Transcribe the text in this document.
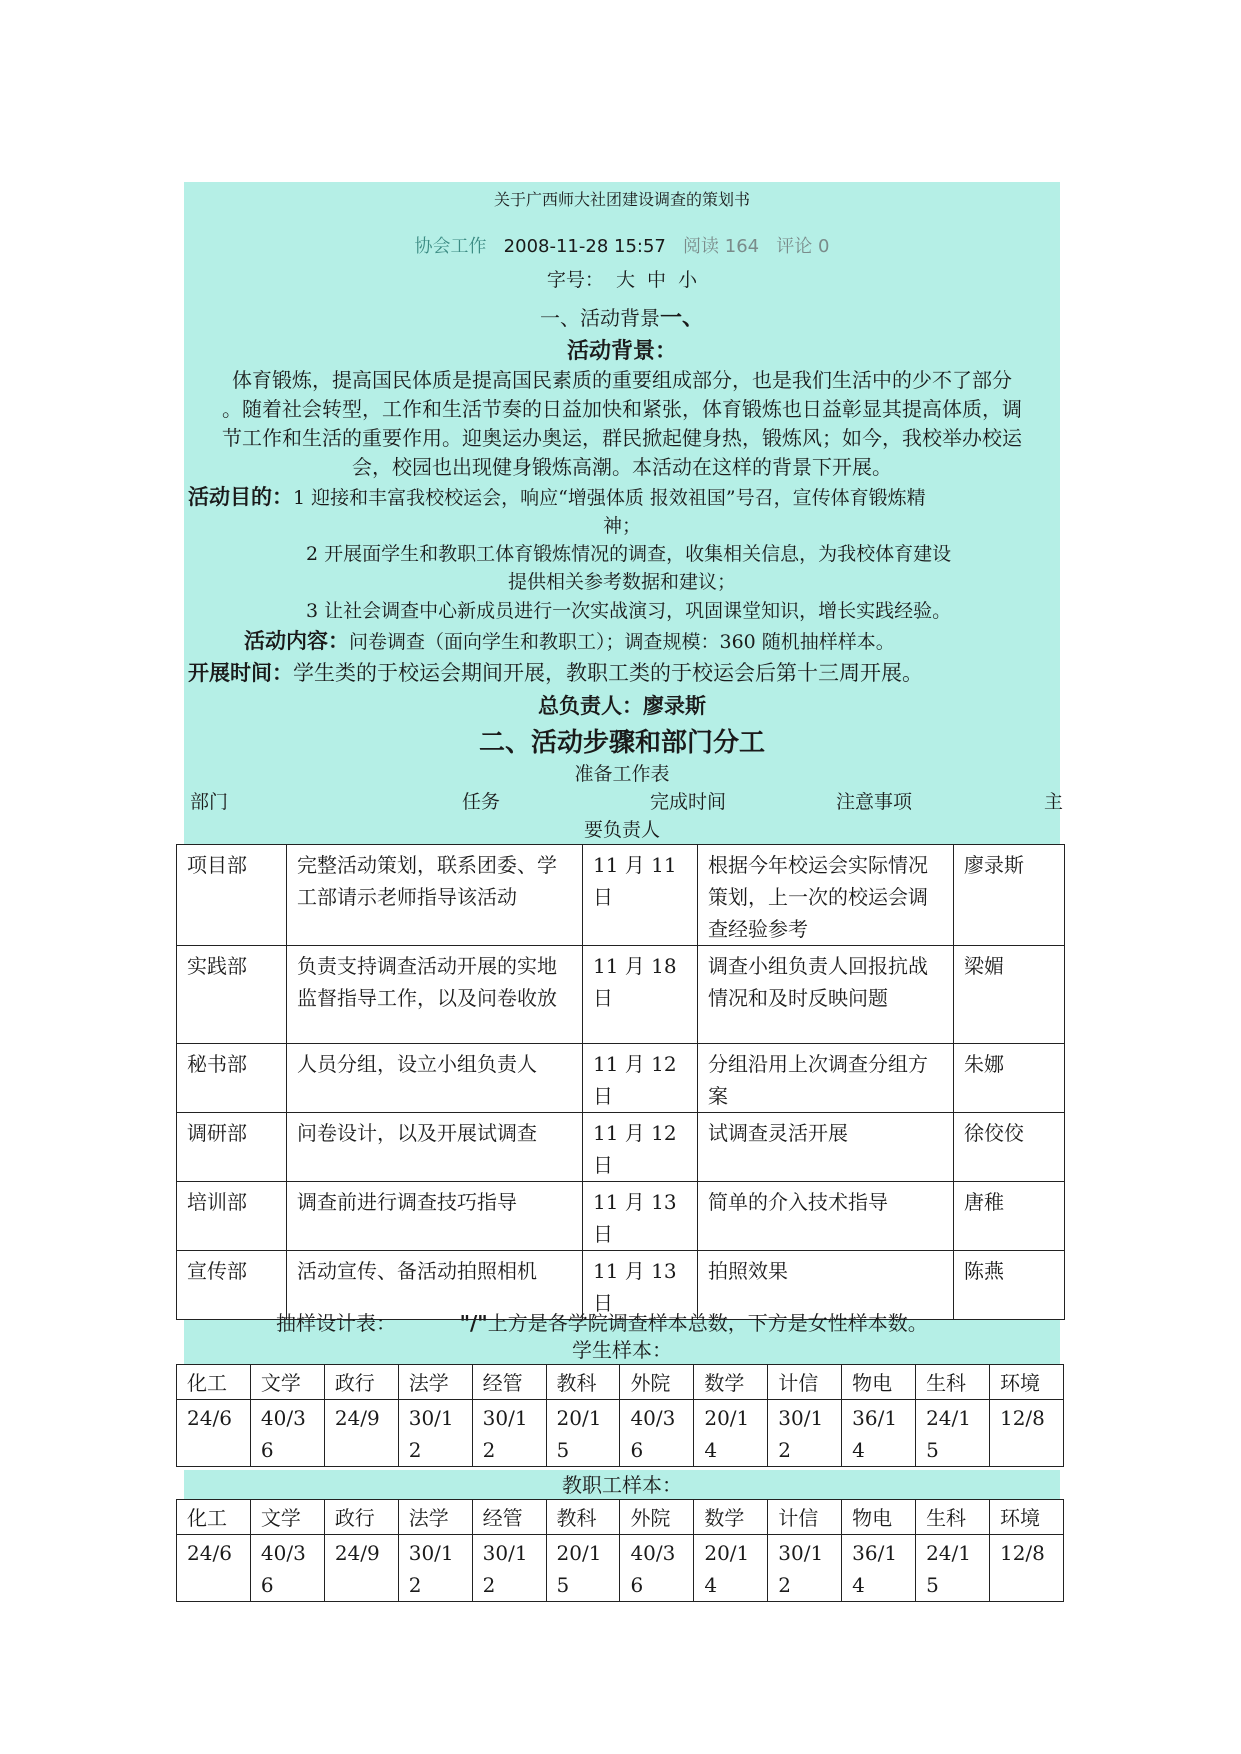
关于广西师大社团建设调查的策划书
协会工作 2008-11-28 15:57 阅读 164 评论 0
字号：  大  中  小
一、活动背景一、
活动背景：
体育锻炼，提高国民体质是提高国民素质的重要组成部分，也是我们生活中的少不了部分
。随着社会转型，工作和生活节奏的日益加快和紧张，体育锻炼也日益彰显其提高体质，调
节工作和生活的重要作用。迎奥运办奥运，群民掀起健身热，锻炼风；如今，我校举办校运
会，校园也出现健身锻炼高潮。本活动在这样的背景下开展。
活动目的：1 迎接和丰富我校校运会，响应“增强体质 报效祖国”号召，宣传体育锻炼精
神；
2 开展面学生和教职工体育锻炼情况的调查，收集相关信息，为我校体育建设
提供相关参考数据和建议；
3 让社会调查中心新成员进行一次实战演习，巩固课堂知识，增长实践经验。
活动内容：问卷调查（面向学生和教职工）；调查规模：360 随机抽样样本。
开展时间：学生类的于校运会期间开展，教职工类的于校运会后第十三周开展。
总负责人：廖录斯
二、活动步骤和部门分工
准备工作表
部门	任务	完成时间	注意事项	主
要负责人
项目部	完整活动策划，联系团委、学工部请示老师指导该活动	11 月 11 日	根据今年校运会实际情况策划，上一次的校运会调查经验参考	廖录斯
实践部	负责支持调查活动开展的实地监督指导工作，以及问卷收放	11 月 18 日	调查小组负责人回报抗战情况和及时反映问题	梁媚
秘书部	人员分组，设立小组负责人	11 月 12 日	分组沿用上次调查分组方案	朱娜
调研部	问卷设计，以及开展试调查	11 月 12 日	试调查灵活开展	徐佼佼
培训部	调查前进行调查技巧指导	11 月 13 日	简单的介入技术指导	唐稚
宣传部	活动宣传、备活动拍照相机	11 月 13 日	拍照效果	陈燕
抽样设计表：	"/"上方是各学院调查样本总数，下方是女性样本数。
学生样本：
化工	文学	政行	法学	经管	教科	外院	数学	计信	物电	生科	环境
24/6	40/36	24/9	30/12	30/12	20/15	40/36	20/14	30/12	36/14	24/15	12/8
教职工样本：
化工	文学	政行	法学	经管	教科	外院	数学	计信	物电	生科	环境
24/6	40/36	24/9	30/12	30/12	20/15	40/36	20/14	30/12	36/14	24/15	12/8
